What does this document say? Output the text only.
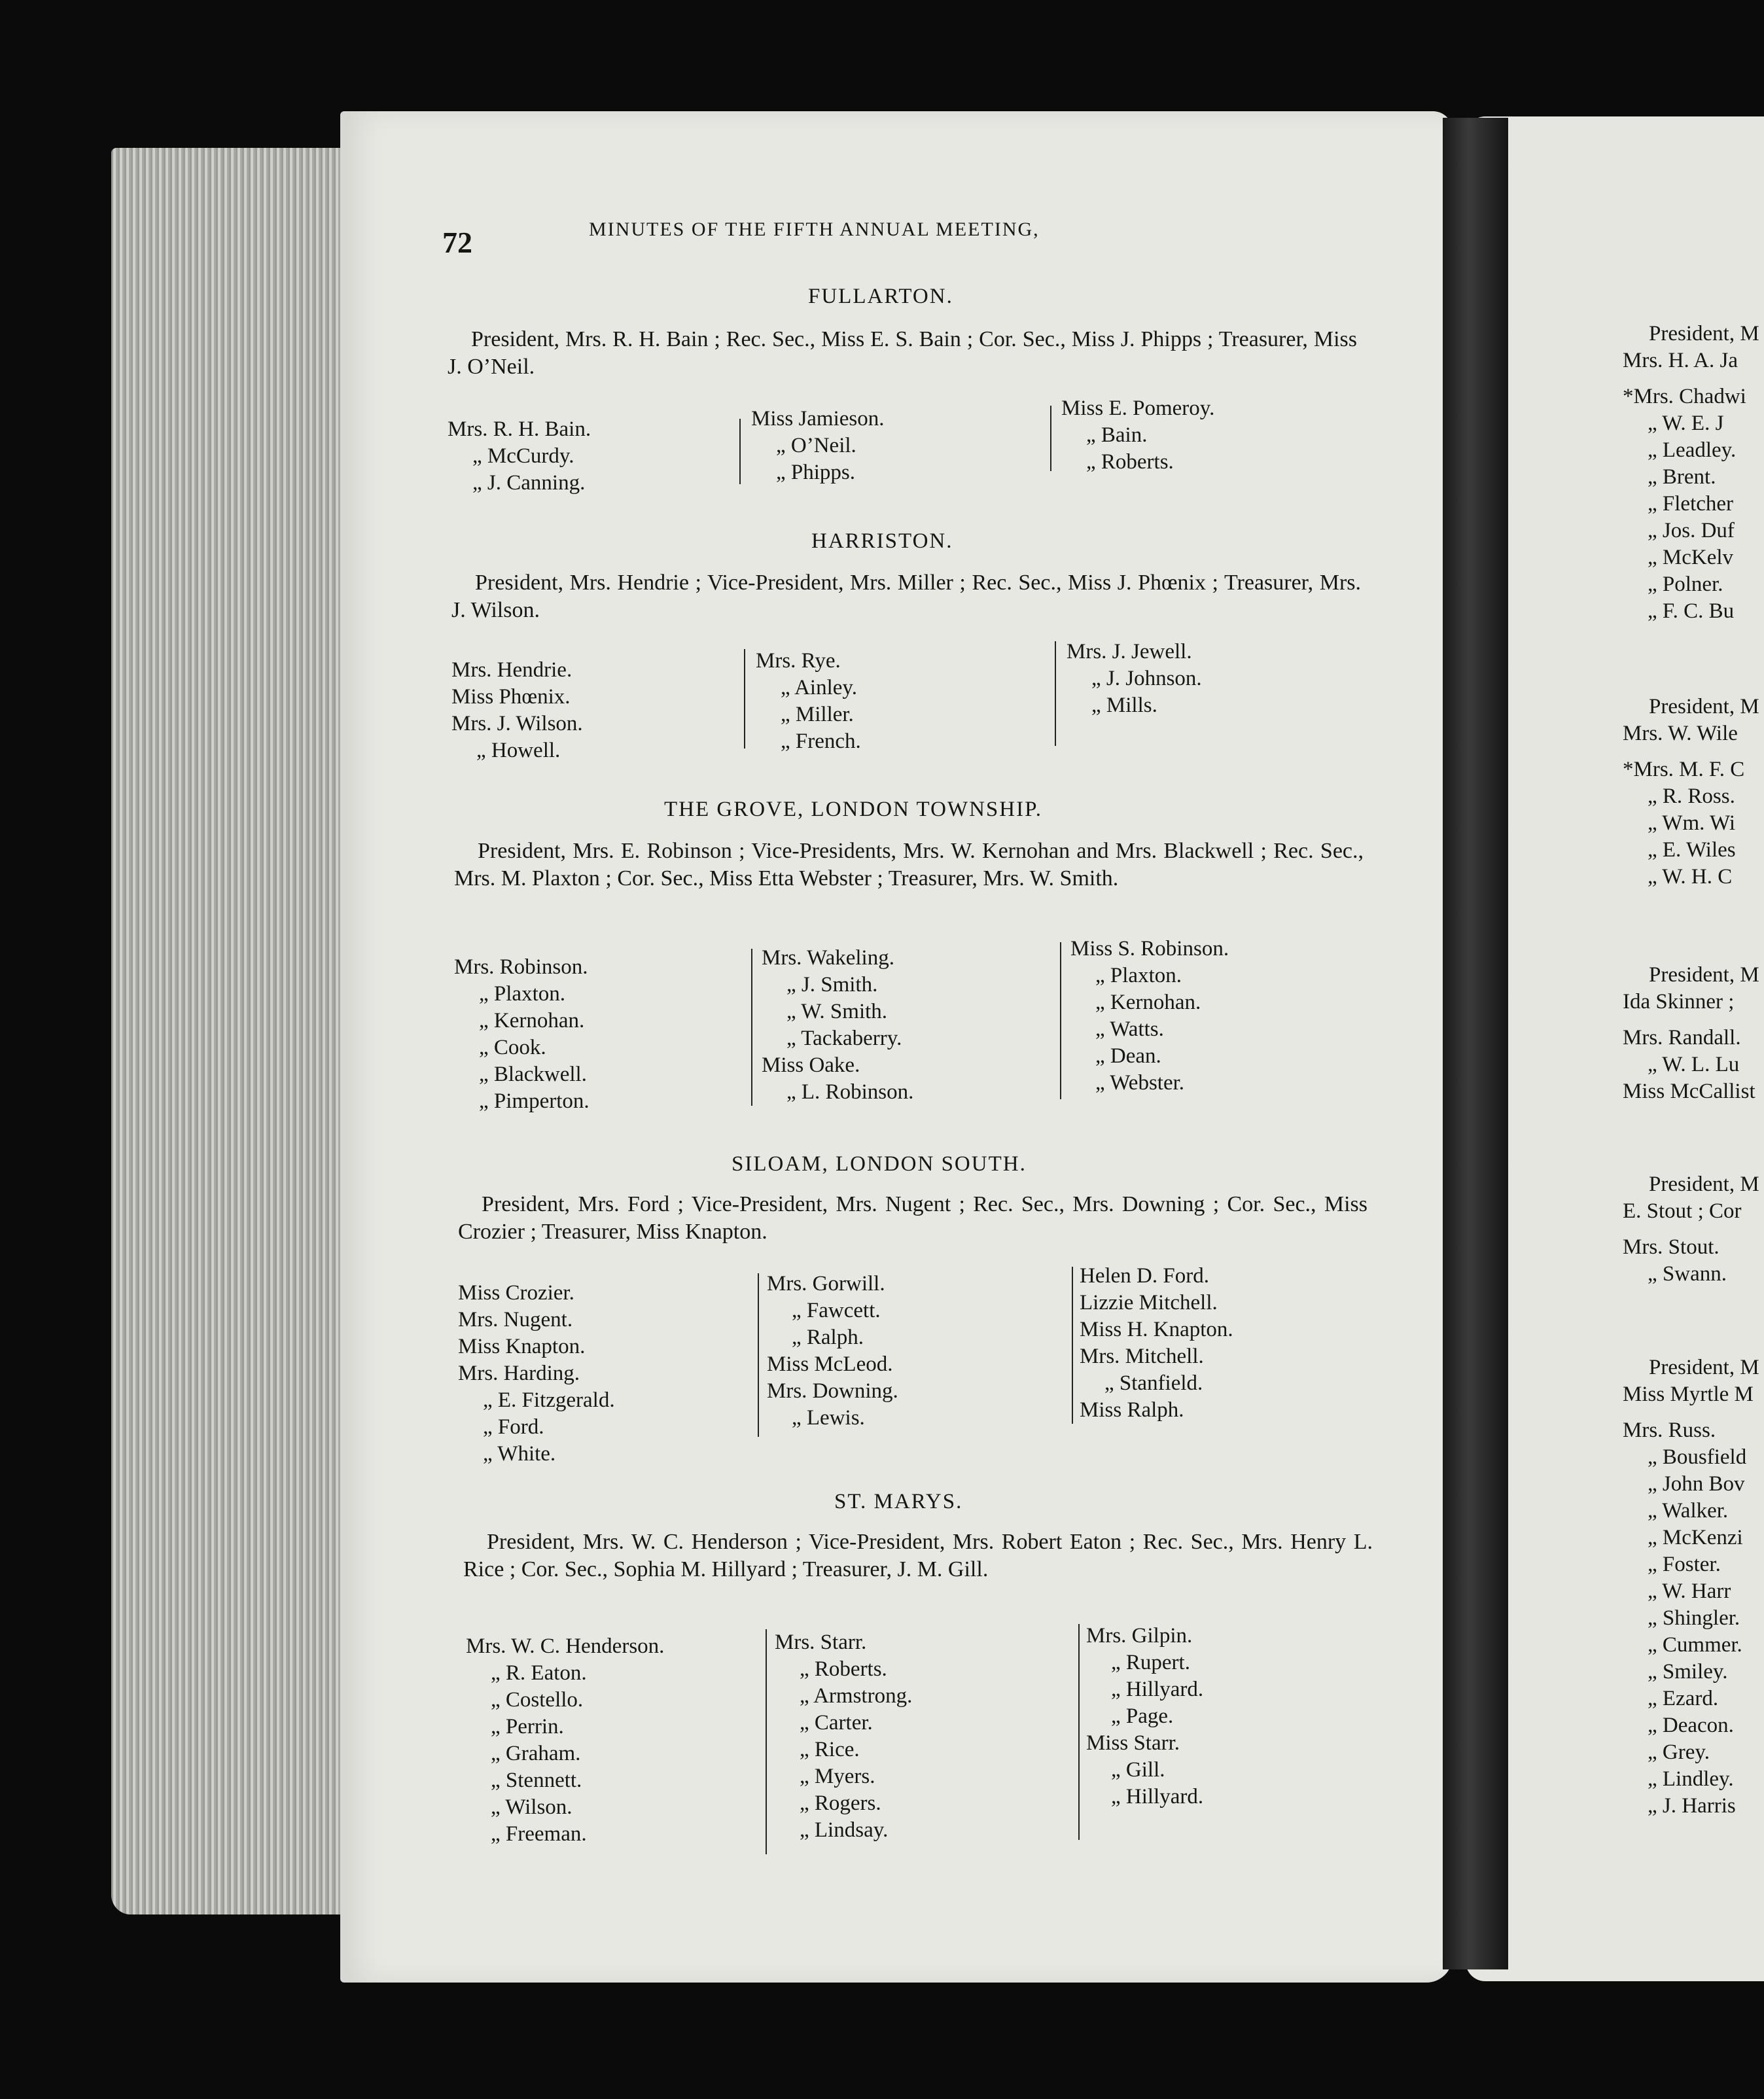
72	MINUTES OF THE FIFTH ANNUAL MEETING,
FULLARTON.
President, Mrs. R. H. Bain ; Rec. Sec., Miss E. S. Bain ; Cor. Sec., Miss J. Phipps ; Treasurer, Miss J. O’Neil.
Mrs. R. H. Bain.
„ McCurdy.
„ J. Canning.
Miss Jamieson.
„ O’Neil.
„ Phipps.
Miss E. Pomeroy.
„ Bain.
„ Roberts.
HARRISTON.
President, Mrs. Hendrie ; Vice-President, Mrs. Miller ; Rec. Sec., Miss J. Phœnix ; Treasurer, Mrs. J. Wilson.
Mrs. Hendrie.
Miss Phœnix.
Mrs. J. Wilson.
„ Howell.
Mrs. Rye.
„ Ainley.
„ Miller.
„ French.
Mrs. J. Jewell.
„ J. Johnson.
„ Mills.
THE GROVE, LONDON TOWNSHIP.
President, Mrs. E. Robinson ; Vice-Presidents, Mrs. W. Kernohan and Mrs. Blackwell ; Rec. Sec., Mrs. M. Plaxton ; Cor. Sec., Miss Etta Webster ; Treasurer, Mrs. W. Smith.
Mrs. Robinson.
„ Plaxton.
„ Kernohan.
„ Cook.
„ Blackwell.
„ Pimperton.
Mrs. Wakeling.
„ J. Smith.
„ W. Smith.
„ Tackaberry.
Miss Oake.
„ L. Robinson.
Miss S. Robinson.
„ Plaxton.
„ Kernohan.
„ Watts.
„ Dean.
„ Webster.
SILOAM, LONDON SOUTH.
President, Mrs. Ford ; Vice-President, Mrs. Nugent ; Rec. Sec., Mrs. Downing ; Cor. Sec., Miss Crozier ; Treasurer, Miss Knapton.
Miss Crozier.
Mrs. Nugent.
Miss Knapton.
Mrs. Harding.
„ E. Fitzgerald.
„ Ford.
„ White.
Mrs. Gorwill.
„ Fawcett.
„ Ralph.
Miss McLeod.
Mrs. Downing.
„ Lewis.
Helen D. Ford.
Lizzie Mitchell.
Miss H. Knapton.
Mrs. Mitchell.
„ Stanfield.
Miss Ralph.
ST. MARYS.
President, Mrs. W. C. Henderson ; Vice-President, Mrs. Robert Eaton ; Rec. Sec., Mrs. Henry L. Rice ; Cor. Sec., Sophia M. Hillyard ; Treasurer, J. M. Gill.
Mrs. W. C. Henderson.
„ R. Eaton.
„ Costello.
„ Perrin.
„ Graham.
„ Stennett.
„ Wilson.
„ Freeman.
Mrs. Starr.
„ Roberts.
„ Armstrong.
„ Carter.
„ Rice.
„ Myers.
„ Rogers.
„ Lindsay.
Mrs. Gilpin.
„ Rupert.
„ Hillyard.
„ Page.
Miss Starr.
„ Gill.
„ Hillyard.
President, M
Mrs. H. A. Ja
*Mrs. Chadwi
„ W. E. J
„ Leadley.
„ Brent.
„ Fletcher
„ Jos. Duf
„ McKelv
„ Polner.
„ F. C. Bu
President, M
Mrs. W. Wile
*Mrs. M. F. C
„ R. Ross.
„ Wm. Wi
„ E. Wiles
„ W. H. C
President, M
Ida Skinner ;
Mrs. Randall.
„ W. L. Lu
Miss McCallist
President, M
E. Stout ; Cor
Mrs. Stout.
„ Swann.
President, M
Miss Myrtle M
Mrs. Russ.
„ Bousfield
„ John Bov
„ Walker.
„ McKenzi
„ Foster.
„ W. Harr
„ Shingler.
„ Cummer.
„ Smiley.
„ Ezard.
„ Deacon.
„ Grey.
„ Lindley.
„ J. Harris
